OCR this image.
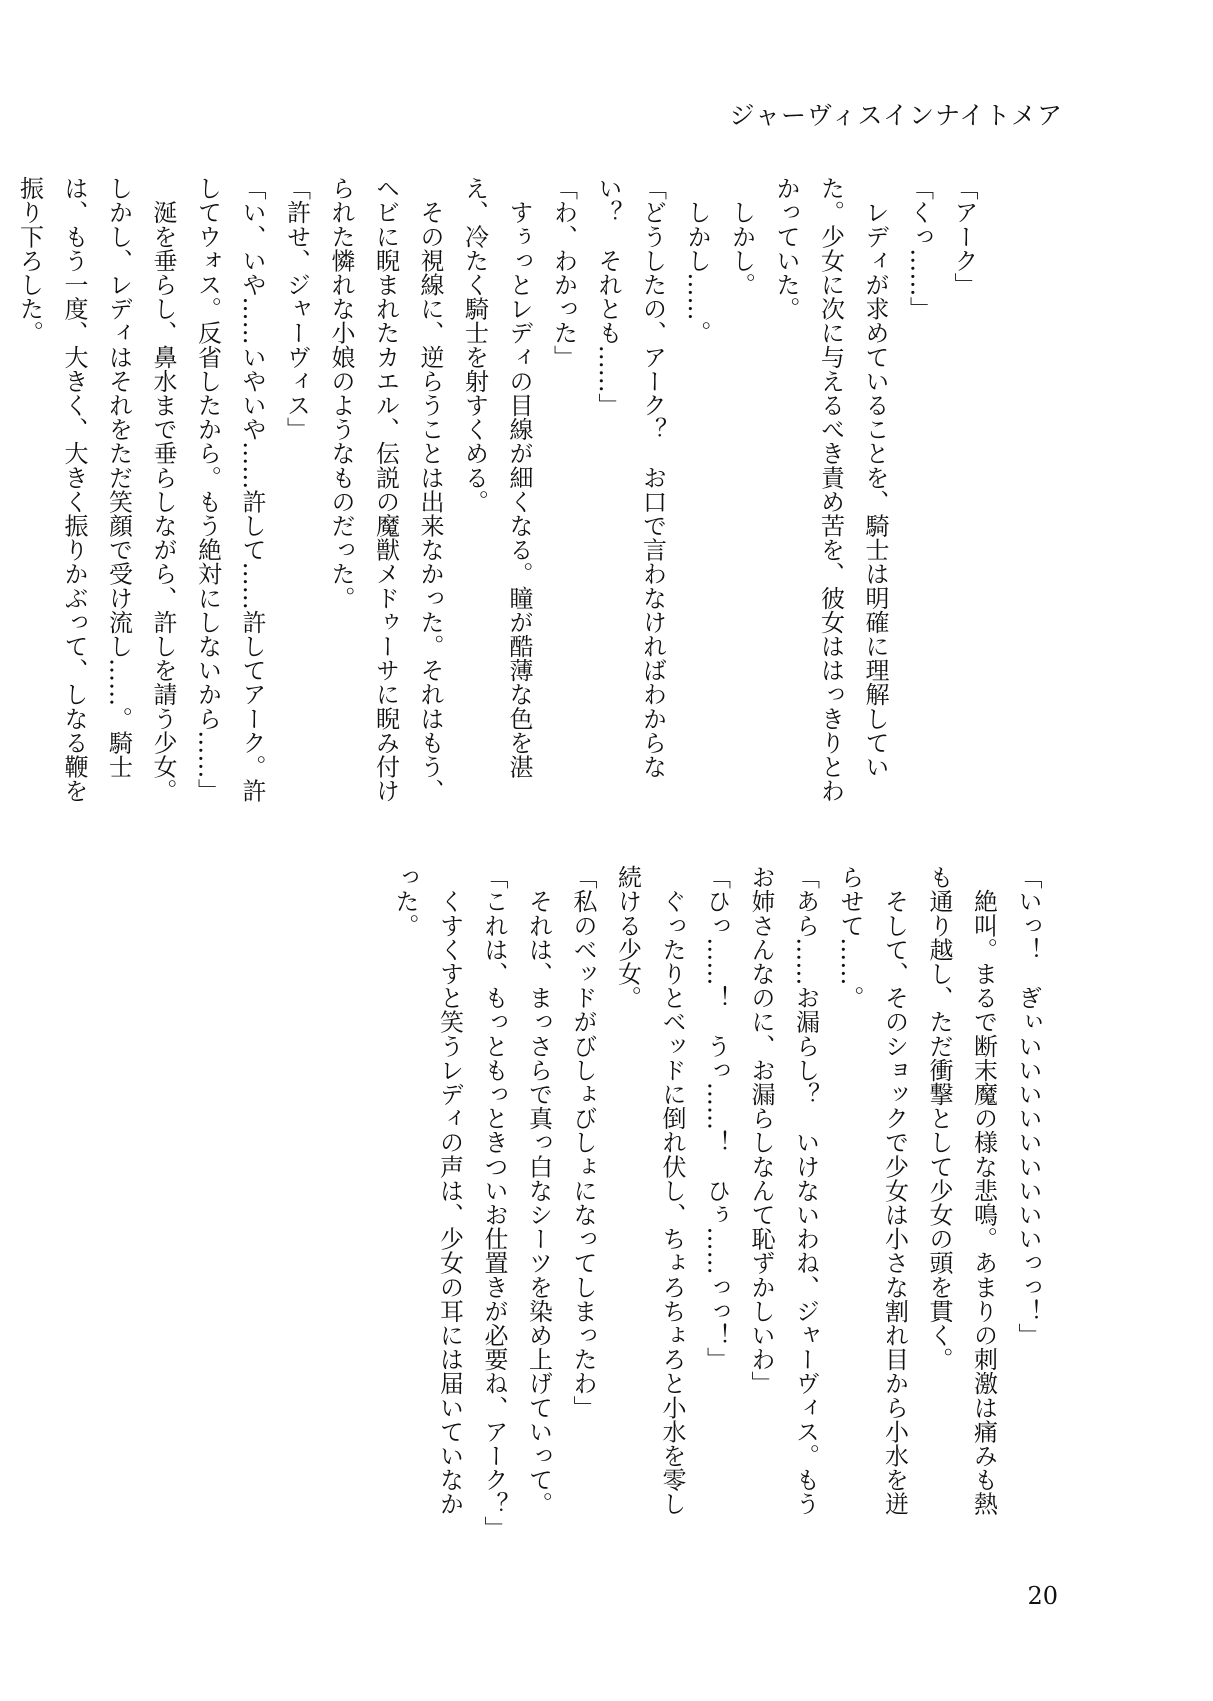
ジャーヴィスインナイトメア

「アーク」

「くっ……」

　レディが求めていることを、騎士は明確に理解していた。少女に次に与えるべき責め苦を、彼女ははっきりとわかっていた。

　しかし。

　しかし……。

「どうしたの、アーク？　お口で言わなければわからない？　それとも……」

「わ、わかった」

　すぅっとレディの目線が細くなる。瞳が酷薄な色を湛え、冷たく騎士を射すくめる。

　その視線に、逆らうことは出来なかった。それはもう、ヘビに睨まれたカエル、伝説の魔獣メドゥーサに睨み付けられた憐れな小娘のようなものだった。

「許せ、ジャーヴィス」

「い、いや……いやいや……許して……許してアーク。許してウォス。反省したから。もう絶対にしないから……」

　涎を垂らし、鼻水まで垂らしながら、許しを請う少女。しかし、レディはそれをただ笑顔で受け流し……。騎士は、もう一度、大きく、大きく振りかぶって、しなる鞭を振り下ろした。

「いっ！　ぎぃいいいいいいいいいっっ！」

　絶叫。まるで断末魔の様な悲鳴。あまりの刺激は痛みも熱も通り越し、ただ衝撃として少女の頭を貫く。

　そして、そのショックで少女は小さな割れ目から小水を迸らせて……。

「あら……お漏らし？　いけないわね、ジャーヴィス。もうお姉さんなのに、お漏らしなんて恥ずかしいわ」

「ひっ……！　うっ……！　ひぅ……っっ！」

　ぐったりとベッドに倒れ伏し、ちょろちょろと小水を零し続ける少女。

「私のベッドがびしょびしょになってしまったわ」

　それは、まっさらで真っ白なシーツを染め上げていって。

「これは、もっともっときついお仕置きが必要ね、アーク？」

　くすくすと笑うレディの声は、少女の耳には届いていなかった。

20
